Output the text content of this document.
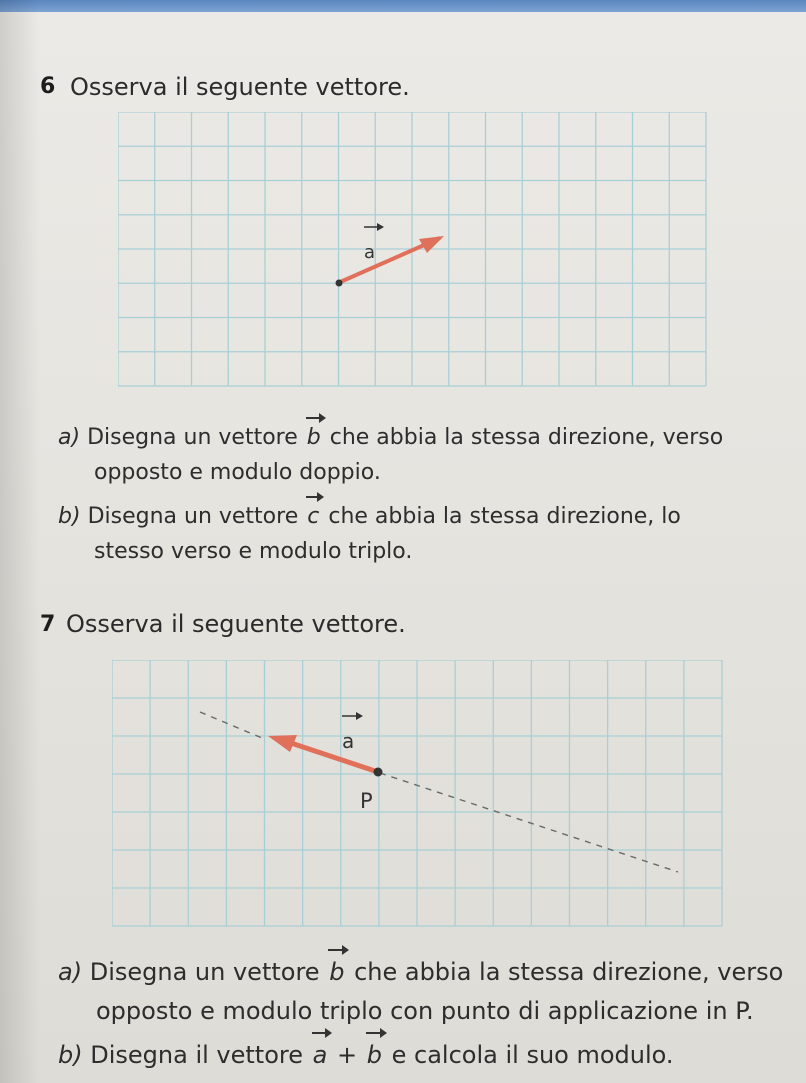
6 Osserva il seguente vettore.
a
a) Disegna un vettore b che abbia la stessa direzione, verso
opposto e modulo doppio.
b) Disegna un vettore c che abbia la stessa direzione, lo
stesso verso e modulo triplo.
7 Osserva il seguente vettore.
a
P
a) Disegna un vettore b che abbia la stessa direzione, verso
opposto e modulo triplo con punto di applicazione in P.
b) Disegna il vettore a + b e calcola il suo modulo.
